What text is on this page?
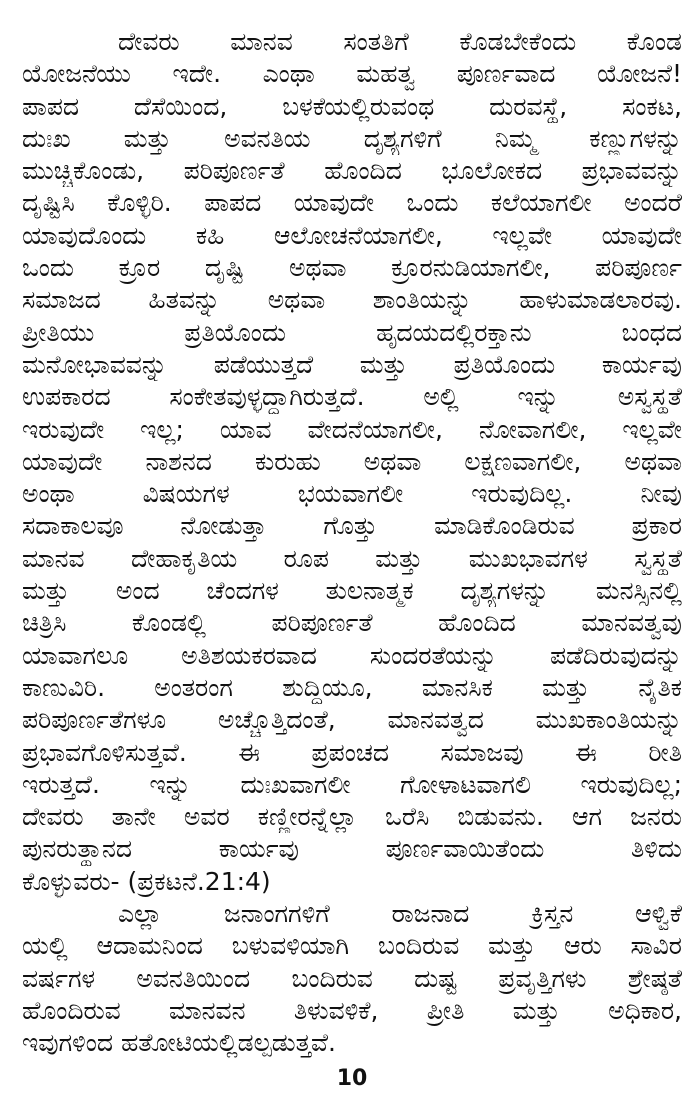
ದೇವರು ಮಾನವ ಸಂತತಿಗೆ ಕೊಡಬೇಕೆಂದು ಕೊಂಡ
ಯೋಜನೆಯು ಇದೇ. ಎಂಥಾ ಮಹತ್ವ ಪೂರ್ಣವಾದ ಯೋಜನೆ!
ಪಾಪದ ದೆಸೆಯಿಂದ, ಬಳಕೆಯಲ್ಲಿರುವಂಥ ದುರವಸ್ಥೆ, ಸಂಕಟ,
ದುಃಖ ಮತ್ತು ಅವನತಿಯ ದೃಶ್ಯಗಳಿಗೆ ನಿಮ್ಮ ಕಣ್ಣುಗಳನ್ನು
ಮುಚ್ಚಿಕೊಂಡು, ಪರಿಪೂರ್ಣತೆ ಹೊಂದಿದ ಭೂಲೋಕದ ಪ್ರಭಾವವನ್ನು
ದೃಷ್ಟಿಸಿ ಕೊಳ್ಳಿರಿ. ಪಾಪದ ಯಾವುದೇ ಒಂದು ಕಲೆಯಾಗಲೀ ಅಂದರೆ
ಯಾವುದೊಂದು ಕಹಿ ಆಲೋಚನೆಯಾಗಲೀ, ಇಲ್ಲವೇ ಯಾವುದೇ
ಒಂದು ಕ್ರೂರ ದೃಷ್ಟಿ ಅಥವಾ ಕ್ರೂರನುಡಿಯಾಗಲೀ, ಪರಿಪೂರ್ಣ
ಸಮಾಜದ ಹಿತವನ್ನು ಅಥವಾ ಶಾಂತಿಯನ್ನು ಹಾಳುಮಾಡಲಾರವು.
ಪ್ರೀತಿಯು ಪ್ರತಿಯೊಂದು ಹೃದಯದಲ್ಲಿರಕ್ತಾನು ಬಂಧದ
ಮನೋಭಾವವನ್ನು ಪಡೆಯುತ್ತದೆ ಮತ್ತು ಪ್ರತಿಯೊಂದು ಕಾರ್ಯವು
ಉಪಕಾರದ ಸಂಕೇತವುಳ್ಳದ್ದಾಗಿರುತ್ತದೆ. ಅಲ್ಲಿ ಇನ್ನು ಅಸ್ವಸ್ಥತೆ
ಇರುವುದೇ ಇಲ್ಲ; ಯಾವ ವೇದನೆಯಾಗಲೀ, ನೋವಾಗಲೀ, ಇಲ್ಲವೇ
ಯಾವುದೇ ನಾಶನದ ಕುರುಹು ಅಥವಾ ಲಕ್ಷಣವಾಗಲೀ, ಅಥವಾ
ಅಂಥಾ ವಿಷಯಗಳ ಭಯವಾಗಲೀ ಇರುವುದಿಲ್ಲ. ನೀವು
ಸದಾಕಾಲವೂ ನೋಡುತ್ತಾ ಗೊತ್ತು ಮಾಡಿಕೊಂಡಿರುವ ಪ್ರಕಾರ
ಮಾನವ ದೇಹಾಕೃತಿಯ ರೂಪ ಮತ್ತು ಮುಖಭಾವಗಳ ಸ್ವಸ್ಥತೆ
ಮತ್ತು ಅಂದ ಚೆಂದಗಳ ತುಲನಾತ್ಮಕ ದೃಶ್ಯಗಳನ್ನು ಮನಸ್ಸಿನಲ್ಲಿ
ಚಿತ್ರಿಸಿ ಕೊಂಡಲ್ಲಿ ಪರಿಪೂರ್ಣತೆ ಹೊಂದಿದ ಮಾನವತ್ವವು
ಯಾವಾಗಲೂ ಅತಿಶಯಕರವಾದ ಸುಂದರತೆಯನ್ನು ಪಡೆದಿರುವುದನ್ನು
ಕಾಣುವಿರಿ. ಅಂತರಂಗ ಶುದ್ಧಿಯೂ, ಮಾನಸಿಕ ಮತ್ತು ನೈತಿಕ
ಪರಿಪೂರ್ಣತೆಗಳೂ ಅಚ್ಚೊತ್ತಿದಂತೆ, ಮಾನವತ್ವದ ಮುಖಕಾಂತಿಯನ್ನು
ಪ್ರಭಾವಗೊಳಿಸುತ್ತವೆ. ಈ ಪ್ರಪಂಚದ ಸಮಾಜವು ಈ ರೀತಿ
ಇರುತ್ತದೆ. ಇನ್ನು ದುಃಖವಾಗಲೀ ಗೋಳಾಟವಾಗಲಿ ಇರುವುದಿಲ್ಲ;
ದೇವರು ತಾನೇ ಅವರ ಕಣ್ಣೀರನ್ನೆಲ್ಲಾ ಒರೆಸಿ ಬಿಡುವನು. ಆಗ ಜನರು
ಪುನರುತ್ಥಾನದ ಕಾರ್ಯವು ಪೂರ್ಣವಾಯಿತೆಂದು ತಿಳಿದು
ಕೊಳ್ಳುವರು- (ಪ್ರಕಟನೆ.21:4)

ಎಲ್ಲಾ ಜನಾಂಗಗಳಿಗೆ ರಾಜನಾದ ಕ್ರಿಸ್ತನ ಆಳ್ವಿಕೆ
ಯಲ್ಲಿ ಆದಾಮನಿಂದ ಬಳುವಳಿಯಾಗಿ ಬಂದಿರುವ ಮತ್ತು ಆರು ಸಾವಿರ
ವರ್ಷಗಳ ಅವನತಿಯಿಂದ ಬಂದಿರುವ ದುಷ್ಟ ಪ್ರವೃತ್ತಿಗಳು ಶ್ರೇಷ್ಠತೆ
ಹೊಂದಿರುವ ಮಾನವನ ತಿಳುವಳಿಕೆ, ಪ್ರೀತಿ ಮತ್ತು ಅಧಿಕಾರ,
ಇವುಗಳಿಂದ ಹತೋಟಿಯಲ್ಲಿಡಲ್ಪಡುತ್ತವೆ.

10
